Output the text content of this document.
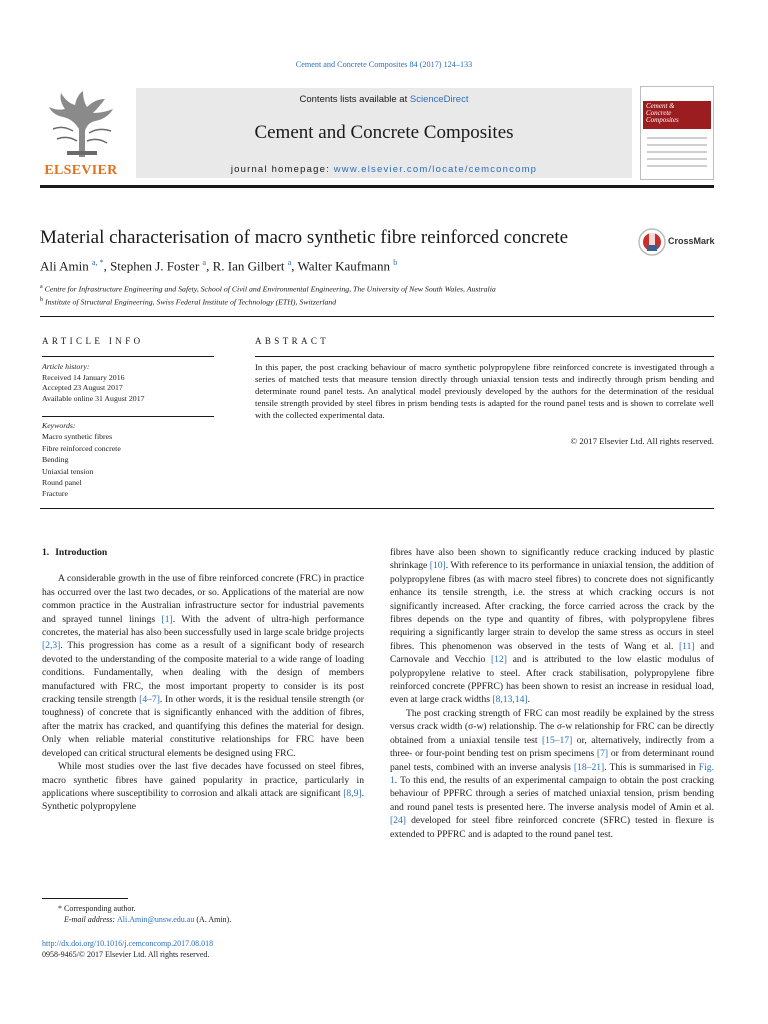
Cement and Concrete Composites 84 (2017) 124–133
ELSEVIER
Contents lists available at ScienceDirect
Cement and Concrete Composites
journal homepage: www.elsevier.com/locate/cemconcomp
Cement &
Concrete
Composites
Material characterisation of macro synthetic fibre reinforced concrete	CrossMark
Ali Amin $^{a, *}$, Stephen J. Foster $^a$, R. Ian Gilbert $^a$, Walter Kaufmann $^b$
$^a$ Centre for Infrastructure Engineering and Safety, School of Civil and Environmental Engineering, The University of New South Wales, Australia
$^b$ Institute of Structural Engineering, Swiss Federal Institute of Technology (ETH), Switzerland
ARTICLE INFO	ABSTRACT
Article history:
Received 14 January 2016
Accepted 23 August 2017
Available online 31 August 2017
Keywords:
Macro synthetic fibres
Fibre reinforced concrete
Bending
Uniaxial tension
Round panel
Fracture
In this paper, the post cracking behaviour of macro synthetic polypropylene fibre reinforced concrete is investigated through a series of matched tests that measure tension directly through uniaxial tension tests and indirectly through prism bending and determinate round panel tests. An analytical model previously developed by the authors for the determination of the residual tensile strength provided by steel fibres in prism bending tests is adapted for the round panel tests and is shown to correlate well with the collected experimental data.
© 2017 Elsevier Ltd. All rights reserved.
1. Introduction

A considerable growth in the use of fibre reinforced concrete (FRC) in practice has occurred over the last two decades, or so. Applications of the material are now common practice in the Australian infrastructure sector for industrial pavements and sprayed tunnel linings [1]. With the advent of ultra-high performance concretes, the material has also been successfully used in large scale bridge projects [2,3]. This progression has come as a result of a significant body of research devoted to the understanding of the composite material to a wide range of loading conditions. Fundamentally, when dealing with the design of members manufactured with FRC, the most important property to consider is its post cracking tensile strength [4–7]. In other words, it is the residual tensile strength (or toughness) of concrete that is significantly enhanced with the addition of fibres, after the matrix has cracked, and quantifying this defines the material for design. Only when reliable material constitutive relationships for FRC have been developed can critical structural elements be designed using FRC.

While most studies over the last five decades have focussed on steel fibres, macro synthetic fibres have gained popularity in practice, particularly in applications where susceptibility to corrosion and alkali attack are significant [8,9]. Synthetic polypropylene

fibres have also been shown to significantly reduce cracking induced by plastic shrinkage [10]. With reference to its performance in uniaxial tension, the addition of polypropylene fibres (as with macro steel fibres) to concrete does not significantly enhance its tensile strength, i.e. the stress at which cracking occurs is not significantly increased. After cracking, the force carried across the crack by the fibres depends on the type and quantity of fibres, with polypropylene fibres requiring a significantly larger strain to develop the same stress as occurs in steel fibres. This phenomenon was observed in the tests of Wang et al. [11] and Carnovale and Vecchio [12] and is attributed to the low elastic modulus of polypropylene relative to steel. After crack stabilisation, polypropylene fibre reinforced concrete (PPFRC) has been shown to resist an increase in residual load, even at large crack widths [8,13,14].

The post cracking strength of FRC can most readily be explained by the stress versus crack width (σ-w) relationship. The σ-w relationship for FRC can be directly obtained from a uniaxial tensile test [15–17] or, alternatively, indirectly from a three- or four-point bending test on prism specimens [7] or from determinant round panel tests, combined with an inverse analysis [18–21]. This is summarised in Fig. 1. To this end, the results of an experimental campaign to obtain the post cracking behaviour of PPFRC through a series of matched uniaxial tension, prism bending and round panel tests is presented here. The inverse analysis model of Amin et al. [24] developed for steel fibre reinforced concrete (SFRC) tested in flexure is extended to PPFRC and is adapted to the round panel test.

* Corresponding author.
E-mail address: Ali.Amin@unsw.edu.au (A. Amin).
http://dx.doi.org/10.1016/j.cemconcomp.2017.08.018
0958-9465/© 2017 Elsevier Ltd. All rights reserved.
